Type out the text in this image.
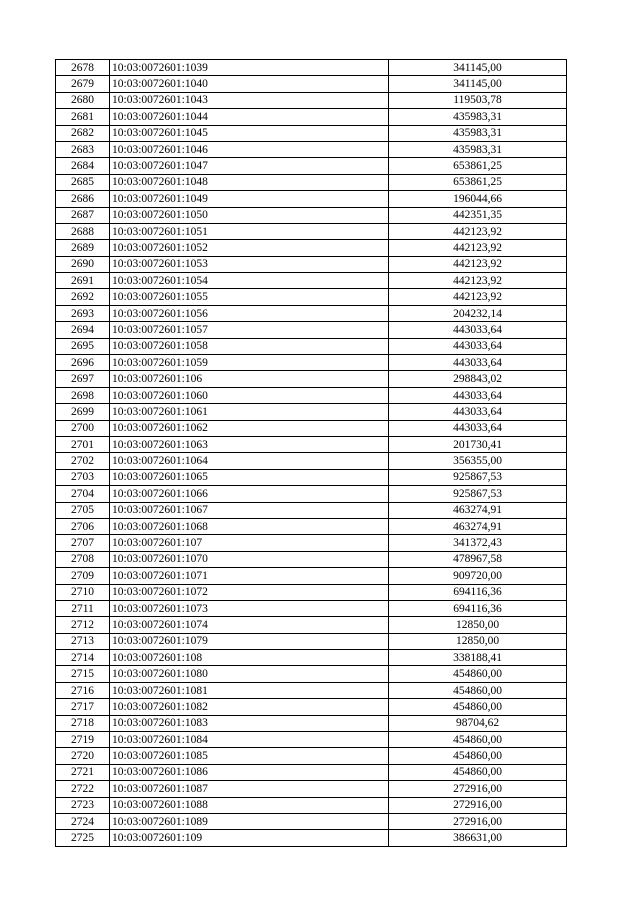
2678	10:03:0072601:1039	341145,00
2679	10:03:0072601:1040	341145,00
2680	10:03:0072601:1043	119503,78
2681	10:03:0072601:1044	435983,31
2682	10:03:0072601:1045	435983,31
2683	10:03:0072601:1046	435983,31
2684	10:03:0072601:1047	653861,25
2685	10:03:0072601:1048	653861,25
2686	10:03:0072601:1049	196044,66
2687	10:03:0072601:1050	442351,35
2688	10:03:0072601:1051	442123,92
2689	10:03:0072601:1052	442123,92
2690	10:03:0072601:1053	442123,92
2691	10:03:0072601:1054	442123,92
2692	10:03:0072601:1055	442123,92
2693	10:03:0072601:1056	204232,14
2694	10:03:0072601:1057	443033,64
2695	10:03:0072601:1058	443033,64
2696	10:03:0072601:1059	443033,64
2697	10:03:0072601:106	298843,02
2698	10:03:0072601:1060	443033,64
2699	10:03:0072601:1061	443033,64
2700	10:03:0072601:1062	443033,64
2701	10:03:0072601:1063	201730,41
2702	10:03:0072601:1064	356355,00
2703	10:03:0072601:1065	925867,53
2704	10:03:0072601:1066	925867,53
2705	10:03:0072601:1067	463274,91
2706	10:03:0072601:1068	463274,91
2707	10:03:0072601:107	341372,43
2708	10:03:0072601:1070	478967,58
2709	10:03:0072601:1071	909720,00
2710	10:03:0072601:1072	694116,36
2711	10:03:0072601:1073	694116,36
2712	10:03:0072601:1074	12850,00
2713	10:03:0072601:1079	12850,00
2714	10:03:0072601:108	338188,41
2715	10:03:0072601:1080	454860,00
2716	10:03:0072601:1081	454860,00
2717	10:03:0072601:1082	454860,00
2718	10:03:0072601:1083	98704,62
2719	10:03:0072601:1084	454860,00
2720	10:03:0072601:1085	454860,00
2721	10:03:0072601:1086	454860,00
2722	10:03:0072601:1087	272916,00
2723	10:03:0072601:1088	272916,00
2724	10:03:0072601:1089	272916,00
2725	10:03:0072601:109	386631,00
